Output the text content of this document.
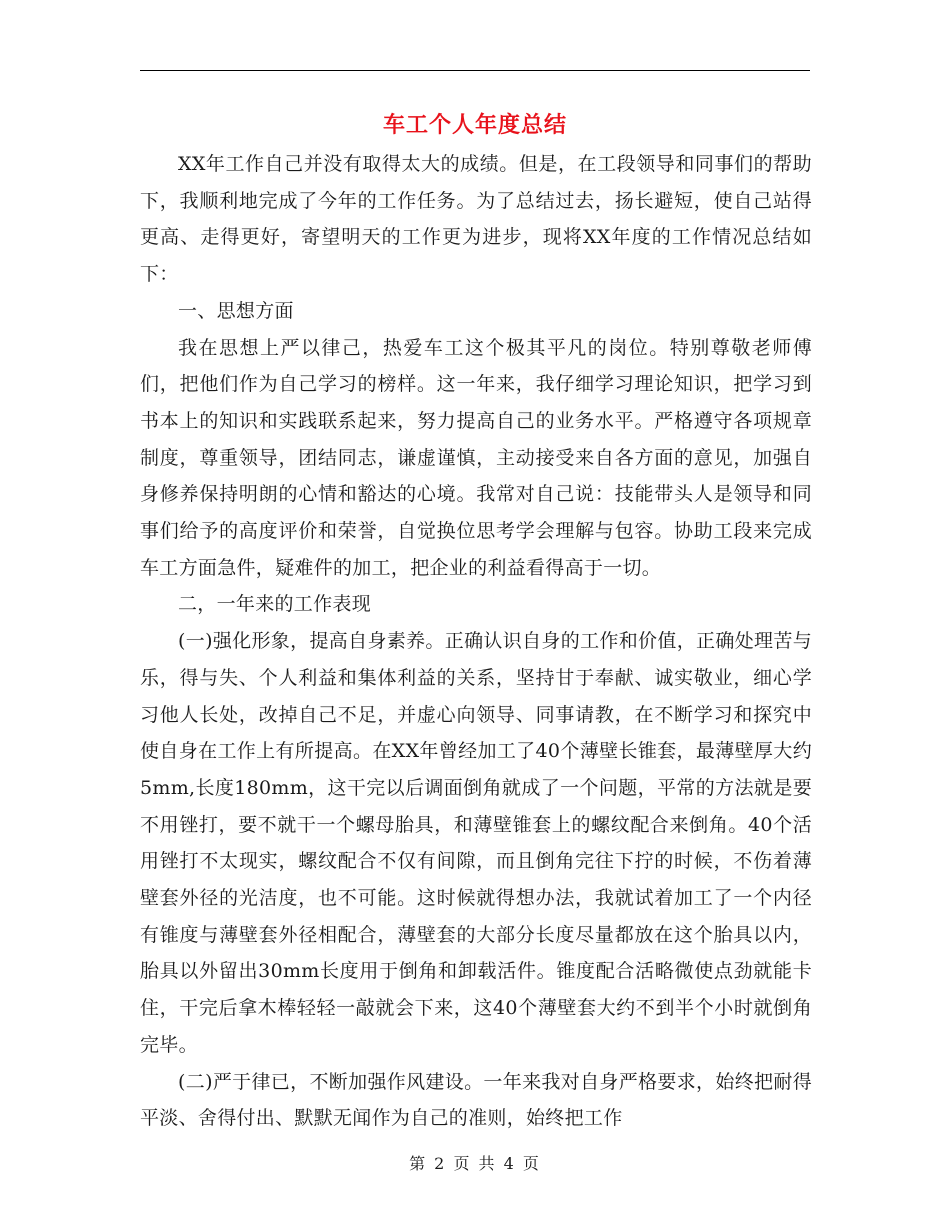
车工个人年度总结

XX年工作自己并没有取得太大的成绩。但是，在工段领导和同事们的帮助下，我顺利地完成了今年的工作任务。为了总结过去，扬长避短，使自己站得更高、走得更好，寄望明天的工作更为进步，现将XX年度的工作情况总结如下：

一、思想方面

我在思想上严以律己，热爱车工这个极其平凡的岗位。特别尊敬老师傅们，把他们作为自己学习的榜样。这一年来，我仔细学习理论知识，把学习到书本上的知识和实践联系起来，努力提高自己的业务水平。严格遵守各项规章制度，尊重领导，团结同志，谦虚谨慎，主动接受来自各方面的意见，加强自身修养保持明朗的心情和豁达的心境。我常对自己说：技能带头人是领导和同事们给予的高度评价和荣誉，自觉换位思考学会理解与包容。协助工段来完成车工方面急件，疑难件的加工，把企业的利益看得高于一切。

二，一年来的工作表现

(一)强化形象，提高自身素养。正确认识自身的工作和价值，正确处理苦与乐，得与失、个人利益和集体利益的关系，坚持甘于奉献、诚实敬业，细心学习他人长处，改掉自己不足，并虚心向领导、同事请教，在不断学习和探究中使自身在工作上有所提高。在XX年曾经加工了40个薄壁长锥套，最薄壁厚大约5mm,长度180mm，这干完以后调面倒角就成了一个问题，平常的方法就是要不用锉打，要不就干一个螺母胎具，和薄壁锥套上的螺纹配合来倒角。40个活用锉打不太现实，螺纹配合不仅有间隙，而且倒角完往下拧的时候，不伤着薄壁套外径的光洁度，也不可能。这时候就得想办法，我就试着加工了一个内径有锥度与薄壁套外径相配合，薄壁套的大部分长度尽量都放在这个胎具以内，胎具以外留出30mm长度用于倒角和卸载活件。锥度配合活略微使点劲就能卡住，干完后拿木棒轻轻一敲就会下来，这40个薄壁套大约不到半个小时就倒角完毕。

(二)严于律已，不断加强作风建设。一年来我对自身严格要求，始终把耐得平淡、舍得付出、默默无闻作为自己的准则，始终把工作

第 2 页 共 4 页
